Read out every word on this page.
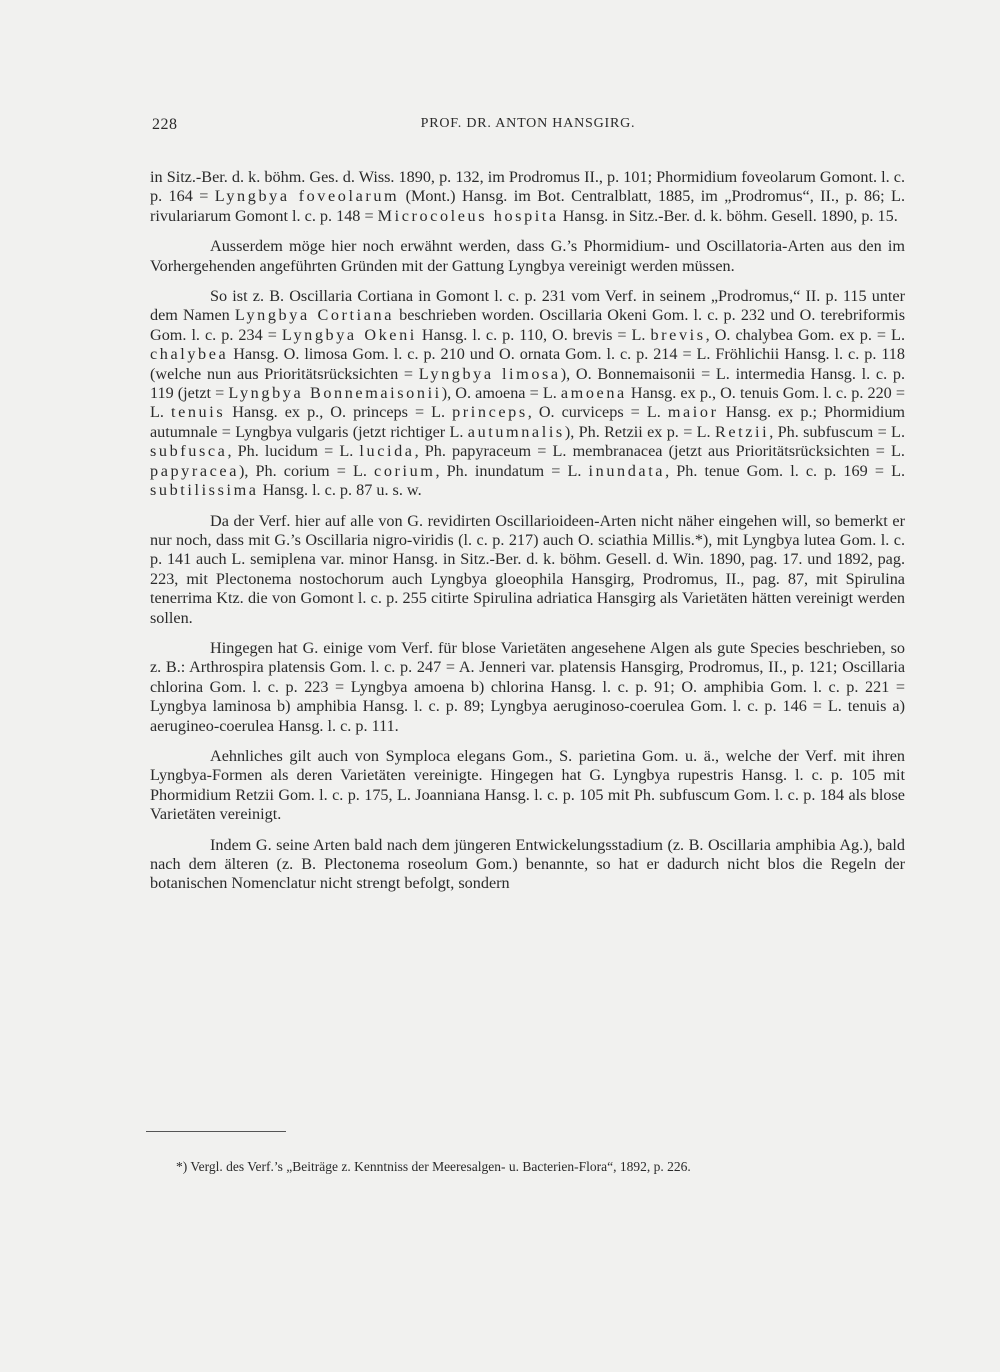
228	PROF. DR. ANTON HANSGIRG.

in Sitz.-Ber. d. k. böhm. Ges. d. Wiss. 1890, p. 132, im Prodromus II., p. 101; Phormidium foveolarum Gomont. l. c. p. 164 = Lyngbya foveolarum (Mont.) Hansg. im Bot. Centralblatt, 1885, im „Prodromus“, II., p. 86; L. rivulariarum Gomont l. c. p. 148 = Microcoleus hospita Hansg. in Sitz.-Ber. d. k. böhm. Gesell. 1890, p. 15.

Ausserdem möge hier noch erwähnt werden, dass G.’s Phormidium- und Oscillatoria-Arten aus den im Vorhergehenden angeführten Gründen mit der Gattung Lyngbya vereinigt werden müssen.

So ist z. B. Oscillaria Cortiana in Gomont l. c. p. 231 vom Verf. in seinem „Prodromus,“ II. p. 115 unter dem Namen Lyngbya Cortiana beschrieben worden. Oscillaria Okeni Gom. l. c. p. 232 und O. terebriformis Gom. l. c. p. 234 = Lyngbya Okeni Hansg. l. c. p. 110, O. brevis = L. brevis, O. chalybea Gom. ex p. = L. chalybea Hansg. O. limosa Gom. l. c. p. 210 und O. ornata Gom. l. c. p. 214 = L. Fröhlichii Hansg. l. c. p. 118 (welche nun aus Prioritätsrücksichten = Lyngbya limosa), O. Bonnemaisonii = L. intermedia Hansg. l. c. p. 119 (jetzt = Lyngbya Bonnemaisonii), O. amoena = L. amoena Hansg. ex p., O. tenuis Gom. l. c. p. 220 = L. tenuis Hansg. ex p., O. princeps = L. princeps, O. curviceps = L. maior Hansg. ex p.; Phormidium autumnale = Lyngbya vulgaris (jetzt richtiger L. autumnalis), Ph. Retzii ex p. = L. Retzii, Ph. subfuscum = L. subfusca, Ph. lucidum = L. lucida, Ph. papyraceum = L. membranacea (jetzt aus Prioritätsrücksichten = L. papyracea), Ph. corium = L. corium, Ph. inundatum = L. inundata, Ph. tenue Gom. l. c. p. 169 = L. subtilissima Hansg. l. c. p. 87 u. s. w.

Da der Verf. hier auf alle von G. revidirten Oscillarioideen-Arten nicht näher eingehen will, so bemerkt er nur noch, dass mit G.’s Oscillaria nigro-viridis (l. c. p. 217) auch O. sciathia Millis.*), mit Lyngbya lutea Gom. l. c. p. 141 auch L. semiplena var. minor Hansg. in Sitz.-Ber. d. k. böhm. Gesell. d. Win. 1890, pag. 17. und 1892, pag. 223, mit Plectonema nostochorum auch Lyngbya gloeophila Hansgirg, Prodromus, II., pag. 87, mit Spirulina tenerrima Ktz. die von Gomont l. c. p. 255 citirte Spirulina adriatica Hansgirg als Varietäten hätten vereinigt werden sollen.

Hingegen hat G. einige vom Verf. für blose Varietäten angesehene Algen als gute Species beschrieben, so z. B.: Arthrospira platensis Gom. l. c. p. 247 = A. Jenneri var. platensis Hansgirg, Prodromus, II., p. 121; Oscillaria chlorina Gom. l. c. p. 223 = Lyngbya amoena b) chlorina Hansg. l. c. p. 91; O. amphibia Gom. l. c. p. 221 = Lyngbya laminosa b) amphibia Hansg. l. c. p. 89; Lyngbya aeruginoso-coerulea Gom. l. c. p. 146 = L. tenuis a) aerugineo-coerulea Hansg. l. c. p. 111.

Aehnliches gilt auch von Symploca elegans Gom., S. parietina Gom. u. ä., welche der Verf. mit ihren Lyngbya-Formen als deren Varietäten vereinigte. Hingegen hat G. Lyngbya rupestris Hansg. l. c. p. 105 mit Phormidium Retzii Gom. l. c. p. 175, L. Joanniana Hansg. l. c. p. 105 mit Ph. subfuscum Gom. l. c. p. 184 als blose Varietäten vereinigt.

Indem G. seine Arten bald nach dem jüngeren Entwickelungsstadium (z. B. Oscillaria amphibia Ag.), bald nach dem älteren (z. B. Plectonema roseolum Gom.) benannte, so hat er dadurch nicht blos die Regeln der botanischen Nomenclatur nicht strengt befolgt, sondern

*) Vergl. des Verf.’s „Beiträge z. Kenntniss der Meeresalgen- u. Bacterien-Flora“, 1892, p. 226.
